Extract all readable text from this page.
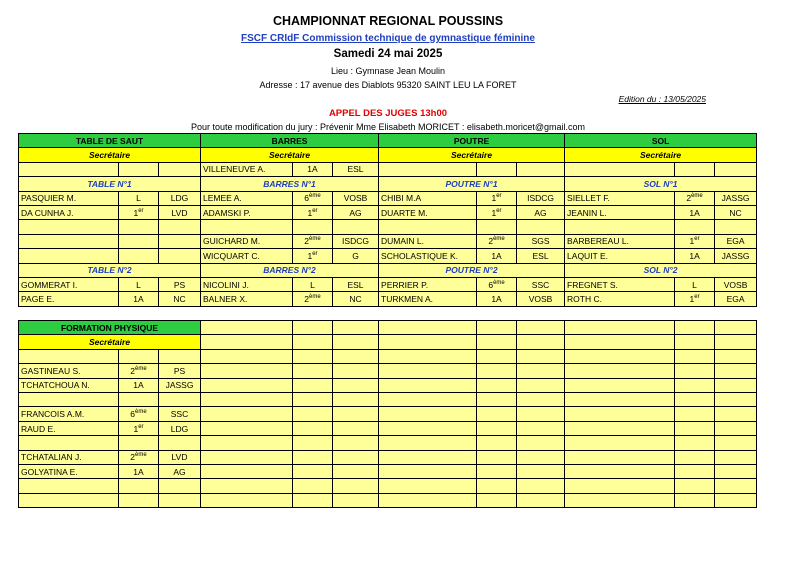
CHAMPIONNAT REGIONAL POUSSINS
FSCF CRIdF Commission technique de gymnastique féminine
Samedi 24 mai 2025
Lieu : Gymnase Jean Moulin
Adresse : 17 avenue des Diablots 95320 SAINT LEU LA FORET
Edition du : 13/05/2025
APPEL DES JUGES 13h00
Pour toute modification du jury : Prévenir Mme Elisabeth MORICET : elisabeth.moricet@gmail.com
TABLE DE SAUT			BARRES			POUTRE			SOL		
Secrétaire			Secrétaire			Secrétaire			Secrétaire		
			VILLENEUVE A.	1A	ESL						
TABLE N°1			BARRES N°1			POUTRE N°1			SOL N°1		
PASQUIER M.	L	LDG	LEMEE A.	6ème	VOSB	CHIBI M.A	1er	ISDCG	SIELLET F.	2ème	JASSG
DA CUNHA J.	1er	LVD	ADAMSKI P.	1er	AG	DUARTE M.	1er	AG	JEANIN L.	1A	NC

			GUICHARD M.	2ème	ISDCG	DUMAIN L.	2ème	SGS	BARBEREAU L.	1er	EGA
			WICQUART C.	1er	G	SCHOLASTIQUE K.	1A	ESL	LAQUIT E.	1A	JASSG
TABLE N°2			BARRES N°2			POUTRE N°2			SOL N°2		
GOMMERAT I.	L	PS	NICOLINI J.	L	ESL	PERRIER P.	6ème	SSC	FREGNET S.	L	VOSB
PAGE E.	1A	NC	BALNER X.	2ème	NC	TURKMEN A.	1A	VOSB	ROTH C.	1er	EGA

FORMATION PHYSIQUE											
Secrétaire											

GASTINEAU S.	2ème	PS									
TCHATCHOUA N.	1A	JASSG									

FRANCOIS A.M.	6ème	SSC									
RAUD E.	1er	LDG									

TCHATALIAN J.	2ème	LVD									
GOLYATINA E.	1A	AG									
